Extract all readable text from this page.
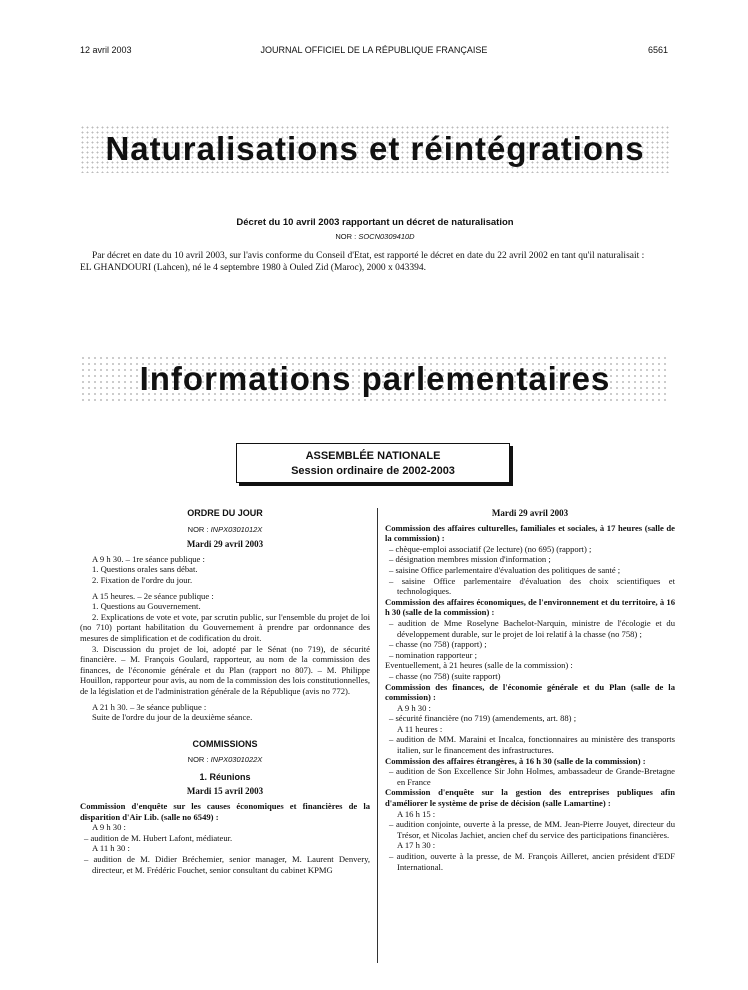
12 avril 2003	JOURNAL OFFICIEL DE LA RÉPUBLIQUE FRANÇAISE	6561
Naturalisations et réintégrations
Décret du 10 avril 2003 rapportant un décret de naturalisation
NOR : SOCN0309410D

Par décret en date du 10 avril 2003, sur l'avis conforme du Conseil d'Etat, est rapporté le décret en date du 22 avril 2002 en tant qu'il naturalisait :

EL GHANDOURI (Lahcen), né le 4 septembre 1980 à Ouled Zid (Maroc), 2000 x 043394.

Informations parlementaires
ASSEMBLÉE NATIONALE
Session ordinaire de 2002-2003
ORDRE DU JOUR
NOR : INPX0301012X
Mardi 29 avril 2003

A 9 h 30. – 1re séance publique :

1. Questions orales sans débat.

2. Fixation de l'ordre du jour.

A 15 heures. – 2e séance publique :

1. Questions au Gouvernement.

2. Explications de vote et vote, par scrutin public, sur l'ensemble du projet de loi (no 710) portant habilitation du Gouvernement à prendre par ordonnance des mesures de simplification et de codification du droit.

3. Discussion du projet de loi, adopté par le Sénat (no 719), de sécurité financière. – M. François Goulard, rapporteur, au nom de la commission des finances, de l'économie générale et du Plan (rapport no 807). – M. Philippe Houillon, rapporteur pour avis, au nom de la commission des lois constitutionnelles, de la législation et de l'administration générale de la République (avis no 772).

A 21 h 30. – 3e séance publique :

Suite de l'ordre du jour de la deuxième séance.

COMMISSIONS
NOR : INPX0301022X
1. Réunions
Mardi 15 avril 2003

Commission d'enquête sur les causes économiques et financières de la disparition d'Air Lib. (salle no 6549) :

A 9 h 30 :

– audition de M. Hubert Lafont, médiateur.

A 11 h 30 :

– audition de M. Didier Bréchemier, senior manager, M. Laurent Denvery, directeur, et M. Frédéric Fouchet, senior consultant du cabinet KPMG

Mardi 29 avril 2003

Commission des affaires culturelles, familiales et sociales, à 17 heures (salle de la commission) :

– chèque-emploi associatif (2e lecture) (no 695) (rapport) ;

– désignation membres mission d'information ;

– saisine Office parlementaire d'évaluation des politiques de santé ;

– saisine Office parlementaire d'évaluation des choix scientifiques et technologiques.

Commission des affaires économiques, de l'environnement et du territoire, à 16 h 30 (salle de la commission) :

– audition de Mme Roselyne Bachelot-Narquin, ministre de l'écologie et du développement durable, sur le projet de loi relatif à la chasse (no 758) ;

– chasse (no 758) (rapport) ;

– nomination rapporteur ;

Eventuellement, à 21 heures (salle de la commission) :

– chasse (no 758) (suite rapport)

Commission des finances, de l'économie générale et du Plan (salle de la commission) :

A 9 h 30 :

– sécurité financière (no 719) (amendements, art. 88) ;

A 11 heures :

– audition de MM. Maraini et Incalca, fonctionnaires au ministère des transports italien, sur le financement des infrastructures.

Commission des affaires étrangères, à 16 h 30 (salle de la commission) :

– audition de Son Excellence Sir John Holmes, ambassadeur de Grande-Bretagne en France

Commission d'enquête sur la gestion des entreprises publiques afin d'améliorer le système de prise de décision (salle Lamartine) :

A 16 h 15 :

– audition conjointe, ouverte à la presse, de MM. Jean-Pierre Jouyet, directeur du Trésor, et Nicolas Jachiet, ancien chef du service des participations financières.

A 17 h 30 :

– audition, ouverte à la presse, de M. François Ailleret, ancien président d'EDF International.
